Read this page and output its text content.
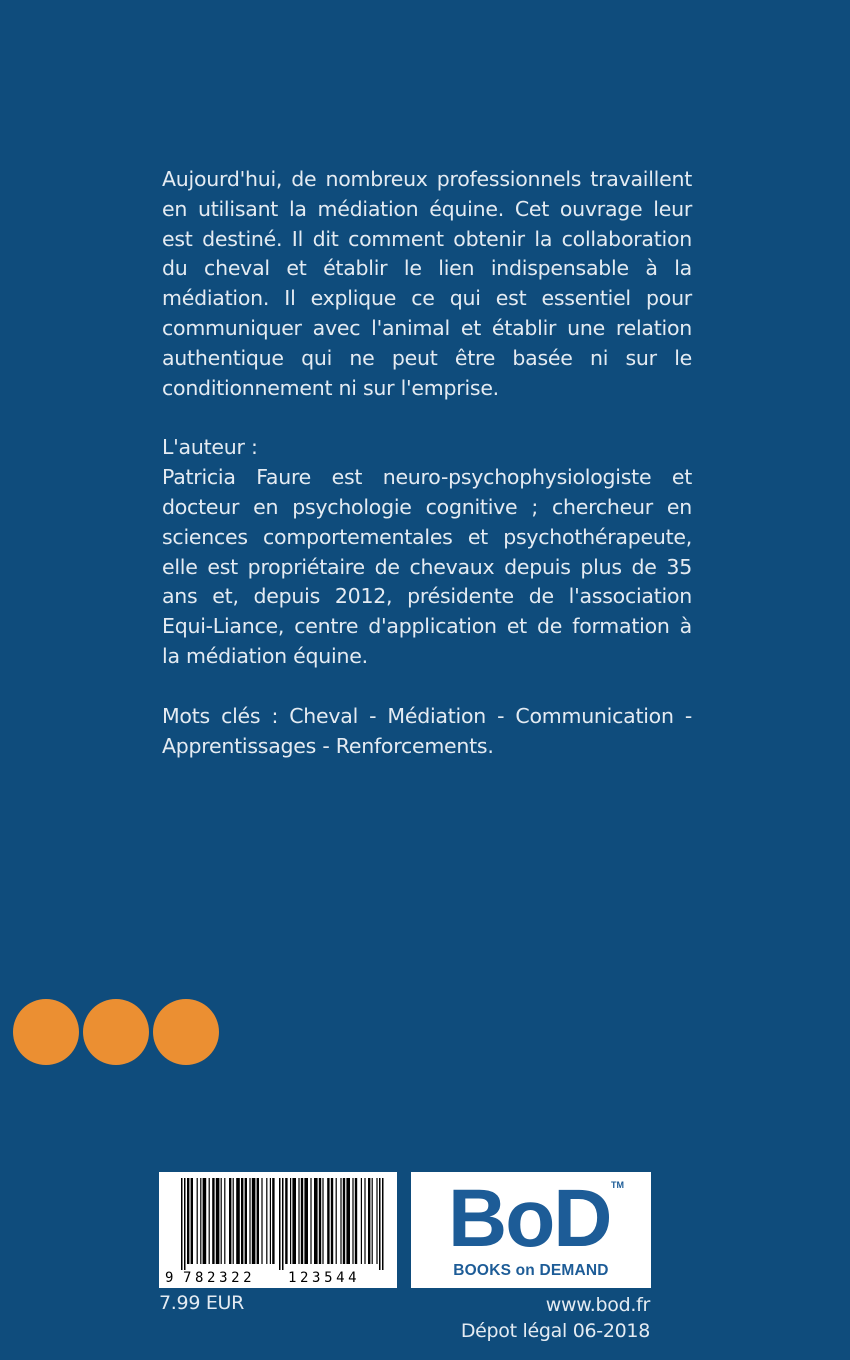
Aujourd'hui, de nombreux professionnels travaillent en utilisant la médiation équine. Cet ouvrage leur est destiné. Il dit comment obtenir la collaboration du cheval et établir le lien indispensable à la médiation. Il explique ce qui est essentiel pour communiquer avec l'animal et établir une relation authentique qui ne peut être basée ni sur le conditionnement ni sur l'emprise.

L'auteur :

Patricia Faure est neuro-psychophysiologiste et docteur en psychologie cognitive ; chercheur en sciences comportementales et psychothérapeute, elle est propriétaire de chevaux depuis plus de 35 ans et, depuis 2012, présidente de l'association Equi-Liance, centre d'application et de formation à la médiation équine.

Mots clés : Cheval - Médiation - Communication - Apprentissages - Renforcements.

9 782322 123544
BoD TM
BOOKS on DEMAND
7.99 EUR	www.bod.fr
Dépot légal 06-2018
